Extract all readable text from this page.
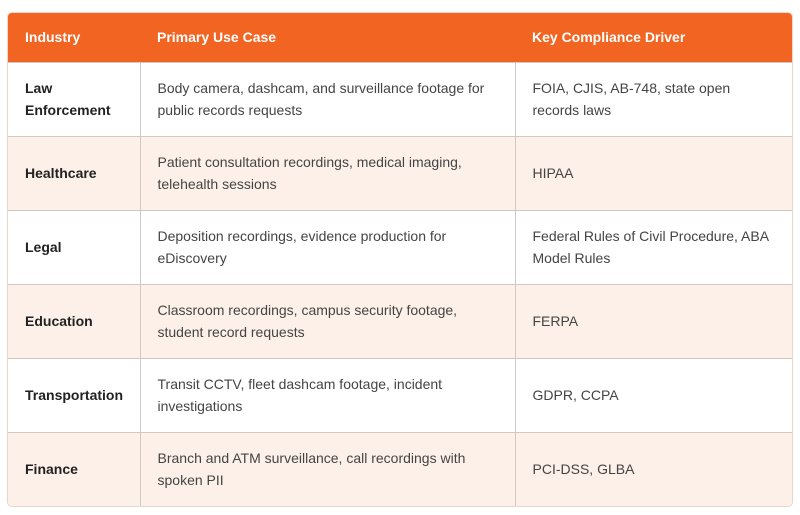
Industry	Primary Use Case	Key Compliance Driver
Law Enforcement	Body camera, dashcam, and surveillance footage for public records requests	FOIA, CJIS, AB-748, state open records laws
Healthcare	Patient consultation recordings, medical imaging, telehealth sessions	HIPAA
Legal	Deposition recordings, evidence production for eDiscovery	Federal Rules of Civil Procedure, ABA Model Rules
Education	Classroom recordings, campus security footage, student record requests	FERPA
Transportation	Transit CCTV, fleet dashcam footage, incident investigations	GDPR, CCPA
Finance	Branch and ATM surveillance, call recordings with spoken PII	PCI-DSS, GLBA
